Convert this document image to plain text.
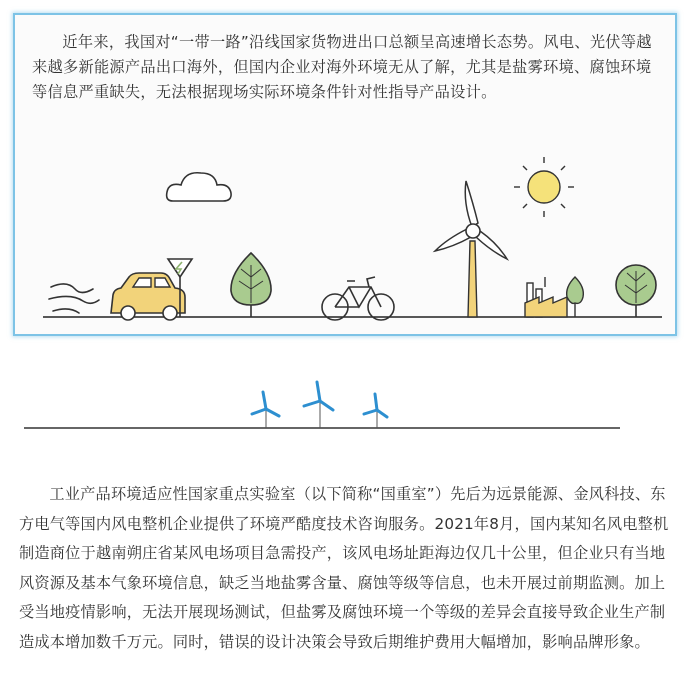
近年来，我国对“一带一路”沿线国家货物进出口总额呈高速增长态势。风电、光伏等越来越多新能源产品出口海外，但国内企业对海外环境无从了解，尤其是盐雾环境、腐蚀环境等信息严重缺失，无法根据现场实际环境条件针对性指导产品设计。

工业产品环境适应性国家重点实验室（以下简称“国重室”）先后为远景能源、金风科技、东方电气等国内风电整机企业提供了环境严酷度技术咨询服务。2021年8月，国内某知名风电整机制造商位于越南朔庄省某风电场项目急需投产，该风电场址距海边仅几十公里，但企业只有当地风资源及基本气象环境信息，缺乏当地盐雾含量、腐蚀等级等信息，也未开展过前期监测。加上受当地疫情影响，无法开展现场测试，但盐雾及腐蚀环境一个等级的差异会直接导致企业生产制造成本增加数千万元。同时，错误的设计决策会导致后期维护费用大幅增加，影响品牌形象。
